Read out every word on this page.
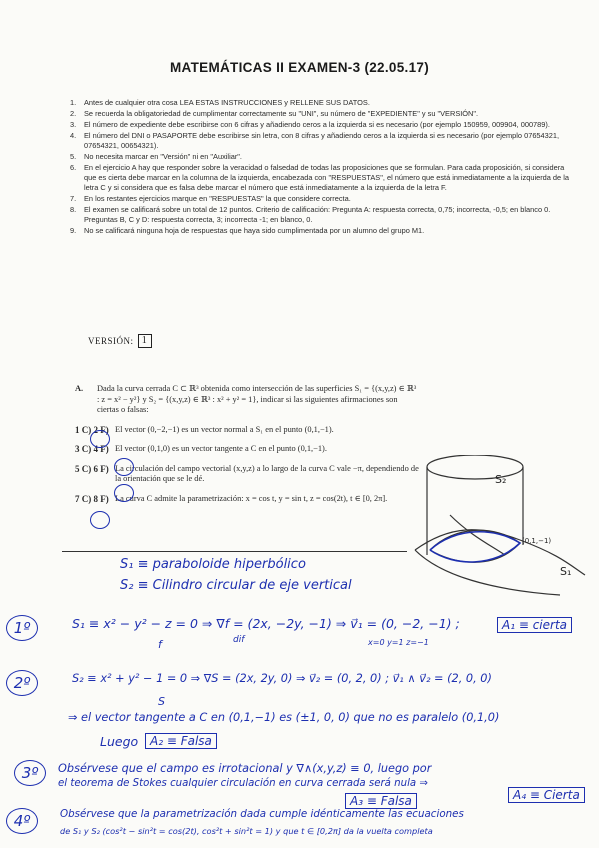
MATEMÁTICAS II EXAMEN-3 (22.05.17)
1.	Antes de cualquier otra cosa LEA ESTAS INSTRUCCIONES y RELLENE SUS DATOS.
2.	Se recuerda la obligatoriedad de cumplimentar correctamente su "UNI", su número de "EXPEDIENTE" y su "VERSIÓN".
3.	El número de expediente debe escribirse con 6 cifras y añadiendo ceros a la izquierda si es necesario (por ejemplo 150959, 009904, 000789).
4.	El número del DNI o PASAPORTE debe escribirse sin letra, con 8 cifras y añadiendo ceros a la izquierda si es necesario (por ejemplo 07654321, 07654321, 00654321).
5.	No necesita marcar en "Versión" ni en "Auxiliar".
6.	En el ejercicio A hay que responder sobre la veracidad o falsedad de todas las proposiciones que se formulan. Para cada proposición, si considera que es cierta debe marcar en la columna de la izquierda, encabezada con "RESPUESTAS", el número que está inmediatamente a la izquierda de la letra C y si considera que es falsa debe marcar el número que está inmediatamente a la izquierda de la letra F.
7.	En los restantes ejercicios marque en "RESPUESTAS" la que considere correcta.
8.	El examen se calificará sobre un total de 12 puntos. Criterio de calificación: Pregunta A: respuesta correcta, 0,75; incorrecta, -0,5; en blanco 0. Preguntas B, C y D: respuesta correcta, 3; incorrecta -1; en blanco, 0.
9.	No se calificará ninguna hoja de respuestas que haya sido cumplimentada por un alumno del grupo M1.
VERSIÓN: 1
A.	Dada la curva cerrada C ⊂ ℝ³ obtenida como intersección de las superficies S₁ = {(x,y,z) ∈ ℝ³ : z = x² − y²} y S₂ = {(x,y,z) ∈ ℝ³ : x² + y² = 1}, indicar si las siguientes afirmaciones son ciertas o falsas:
1 C) 2 F) El vector (0,−2,−1) es un vector normal a S₁ en el punto (0,1,−1).
3 C) 4 F) El vector (0,1,0) es un vector tangente a C en el punto (0,1,−1).
5 C) 6 F) La circulación del campo vectorial (x,y,z) a lo largo de la curva C vale −π, dependiendo de la orientación que se le dé.
7 C) 8 F) La curva C admite la parametrización: x = cos t, y = sin t, z = cos(2t), t ∈ [0, 2π].
S₁ ≡ paraboloide hiperbólico
S₂ ≡ Cilindro circular de eje vertical
S₂
S₁
(0,1,−1)
1º	S₁ ≡ x² − y² − z = 0 ⇒ ∇f = (2x, −2y, −1) ⇒ v⃗₁ = (0, −2, −1) ;
f	dif	x=0 y=1 z=−1
A₁ ≡ cierta
2º	S₂ ≡ x² + y² − 1 = 0 ⇒ ∇S = (2x, 2y, 0) ⇒ v⃗₂ = (0, 2, 0) ; v⃗₁ ∧ v⃗₂ = (2, 0, 0)
S
⇒ el vector tangente a C en (0,1,−1) es (±1, 0, 0) que no es paralelo (0,1,0)
Luego A₂ ≡ Falsa
3º	Obsérvese que el campo es irrotacional y ∇∧(x,y,z) ≡ 0, luego por
el teorema de Stokes cualquier circulación en curva cerrada será nula ⇒
A₃ ≡ Falsa	A₄ ≡ Cierta
4º	Obsérvese que la parametrización dada cumple idénticamente las ecuaciones
de S₁ y S₂ (cos²t − sin²t = cos(2t), cos²t + sin²t = 1) y que t ∈ [0,2π] da la vuelta completa
